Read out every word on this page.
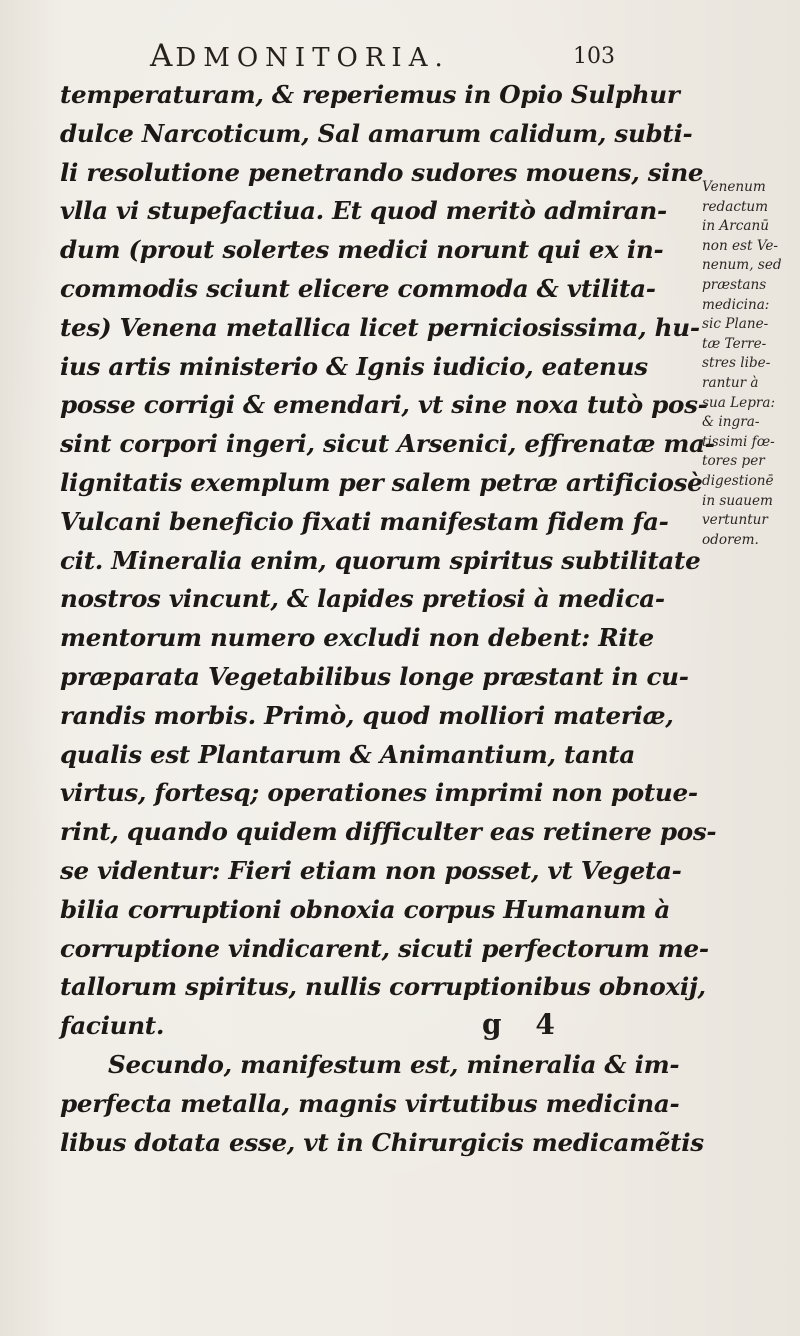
ADMONITORIA.	103
temperaturam, & reperiemus in Opio Sulphur
dulce Narcoticum, Sal amarum calidum, subti-
li resolutione penetrando sudores mouens, sine
vlla vi stupefactiua. Et quod meritò admiran-
dum (prout solertes medici norunt qui ex in-
commodis sciunt elicere commoda & vtilita-
tes) Venena metallica licet perniciosissima, hu-
ius artis ministerio & Ignis iudicio, eatenus
posse corrigi & emendari, vt sine noxa tutò pos-
sint corpori ingeri, sicut Arsenici, effrenatæ ma-
lignitatis exemplum per salem petræ artificiosè
Vulcani beneficio fixati manifestam fidem fa-
cit. Mineralia enim, quorum spiritus subtilitate
nostros vincunt, & lapides pretiosi à medica-
mentorum numero excludi non debent: Rite
præparata Vegetabilibus longe præstant in cu-
randis morbis. Primò, quod molliori materiæ,
qualis est Plantarum & Animantium, tanta
virtus, fortesq; operationes imprimi non potue-
rint, quando quidem difficulter eas retinere pos-
se videntur: Fieri etiam non posset, vt Vegeta-
bilia corruptioni obnoxia corpus Humanum à
corruptione vindicarent, sicuti perfectorum me-
tallorum spiritus, nullis corruptionibus obnoxij,
faciunt.
Secundo, manifestum est, mineralia & im-
perfecta metalla, magnis virtutibus medicina-
libus dotata esse, vt in Chirurgicis medicamẽtis
Venenum
redactum
in Arcanū
non est Ve-
nenum, sed
præstans
medicina:
sic Plane-
tæ Terre-
stres libe-
rantur à
sua Lepra:
& ingra-
tissimi fœ-
tores per
digestionē
in suauem
vertuntur
odorem.
g 4
